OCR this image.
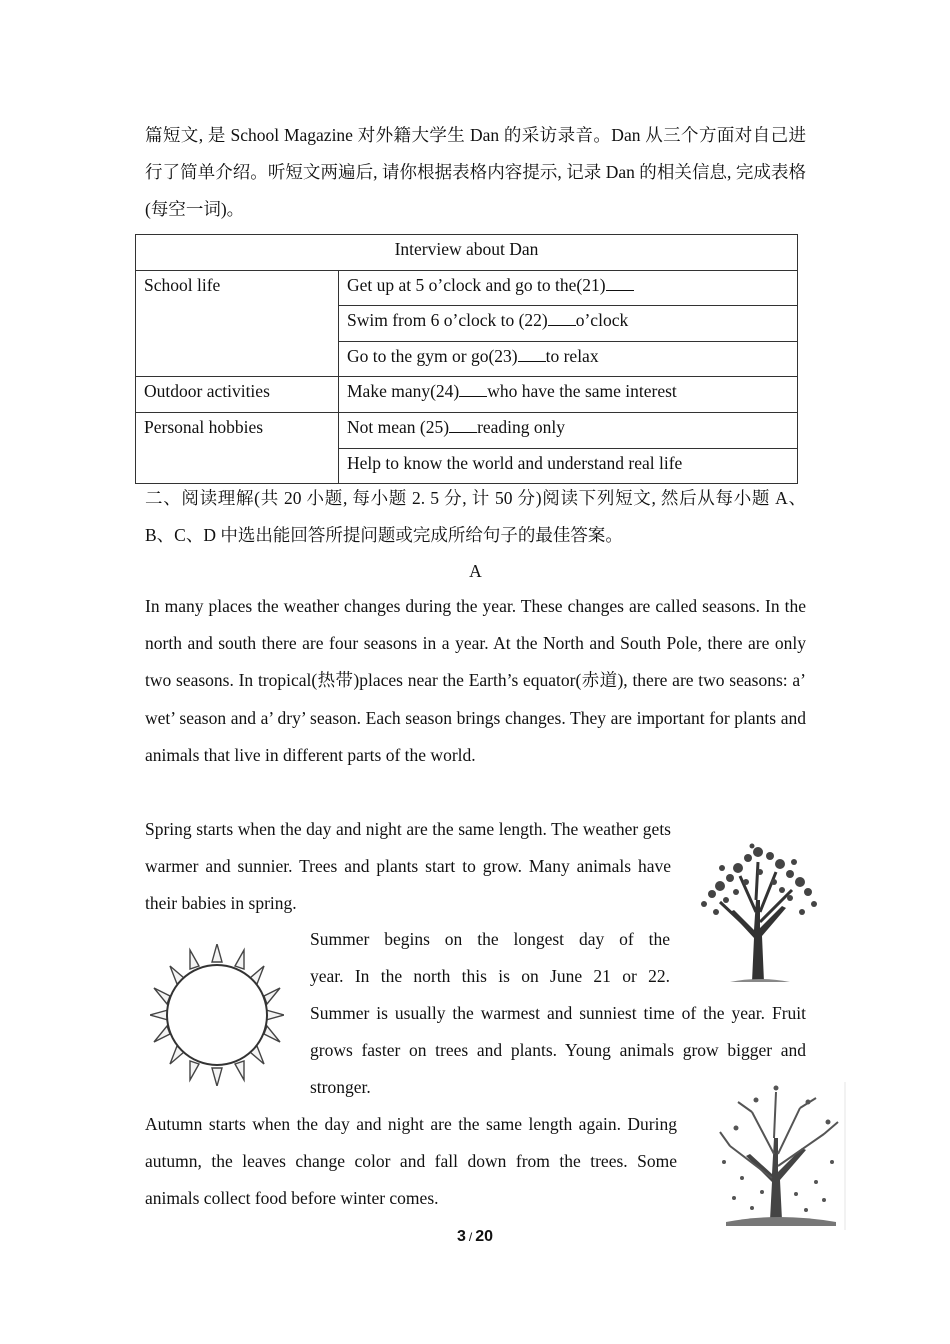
篇短文, 是 School Magazine 对外籍大学生 Dan 的采访录音。Dan 从三个方面对自己进行了简单介绍。听短文两遍后, 请你根据表格内容提示, 记录 Dan 的相关信息, 完成表格(每空一词)。

Interview about Dan	
School life	Get up at 5 o’clock and go to the(21)
	Swim from 6 o’clock to (22) o’clock
	Go to the gym or go(23) to relax
Outdoor activities	Make many(24) who have the same interest
Personal hobbies	Not mean (25) reading only
	Help to know the world and understand real life

二、阅读理解(共 20 小题, 每小题 2. 5 分, 计 50 分)阅读下列短文, 然后从每小题 A、B、C、D 中选出能回答所提问题或完成所给句子的最佳答案。

A

In many places the weather changes during the year. These changes are called seasons. In the north and south there are four seasons in a year. At the North and South Pole, there are only two seasons. In tropical(热带)places near the Earth’s equator(赤道), there are two seasons: a’ wet’ season and a’ dry’ season. Each season brings changes. They are important for plants and animals that live in different parts of the world.

Spring starts when the day and night are the same length. The weather gets warmer and sunnier. Trees and plants start to grow. Many animals have their babies in spring.

Summer begins on the longest day of the
year. In the north this is on June 21 or 22.

Summer is usually the warmest and sunniest time of the year. Fruit grows faster on trees and plants. Young animals grow bigger and stronger.

Autumn starts when the day and night are the same length again. During autumn, the leaves change color and fall down from the trees. Some animals collect food before winter comes.

3 / 20
